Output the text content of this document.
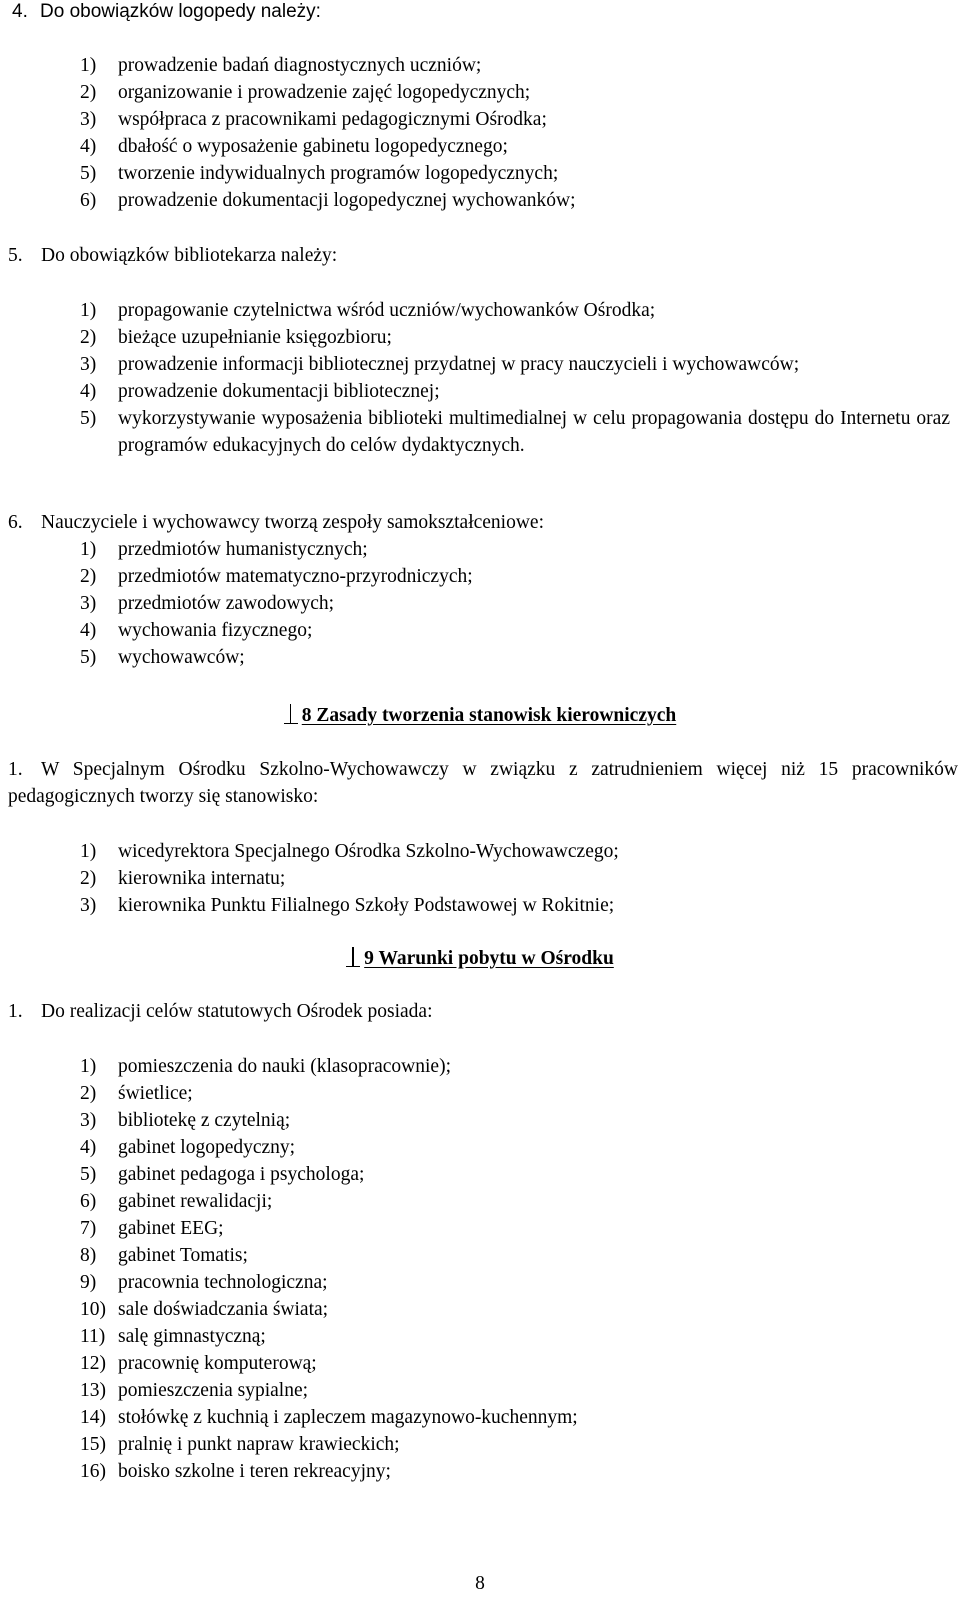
4. Do obowiązków logopedy należy:
1) prowadzenie badań diagnostycznych uczniów;
2) organizowanie i prowadzenie zajęć logopedycznych;
3) współpraca z pracownikami pedagogicznymi Ośrodka;
4) dbałość o wyposażenie gabinetu logopedycznego;
5) tworzenie indywidualnych programów logopedycznych;
6) prowadzenie dokumentacji logopedycznej wychowanków;
5. Do obowiązków bibliotekarza należy:
1) propagowanie czytelnictwa wśród uczniów/wychowanków Ośrodka;
2) bieżące uzupełnianie księgozbioru;
3) prowadzenie informacji bibliotecznej przydatnej w pracy nauczycieli i wychowawców;
4) prowadzenie dokumentacji bibliotecznej;
5) wykorzystywanie wyposażenia biblioteki multimedialnej w celu propagowania dostępu do Internetu oraz programów edukacyjnych do celów dydaktycznych.
6. Nauczyciele i wychowawcy tworzą zespoły samokształceniowe:
1) przedmiotów humanistycznych;
2) przedmiotów matematyczno-przyrodniczych;
3) przedmiotów zawodowych;
4) wychowania fizycznego;
5) wychowawców;
8 Zasady tworzenia stanowisk kierowniczych
1. W Specjalnym Ośrodku Szkolno-Wychowawczy w związku z zatrudnieniem więcej niż 15 pracowników pedagogicznych tworzy się stanowisko:
1) wicedyrektora Specjalnego Ośrodka Szkolno-Wychowawczego;
2) kierownika internatu;
3) kierownika Punktu Filialnego Szkoły Podstawowej w Rokitnie;
9 Warunki pobytu w Ośrodku
1. Do realizacji celów statutowych Ośrodek posiada:
1) pomieszczenia do nauki (klasopracownie);
2) świetlice;
3) bibliotekę z czytelnią;
4) gabinet logopedyczny;
5) gabinet pedagoga i psychologa;
6) gabinet rewalidacji;
7) gabinet EEG;
8) gabinet Tomatis;
9) pracownia technologiczna;
10) sale doświadczania świata;
11) salę gimnastyczną;
12) pracownię komputerową;
13) pomieszczenia sypialne;
14) stołówkę z kuchnią i zapleczem magazynowo-kuchennym;
15) pralnię i punkt napraw krawieckich;
16) boisko szkolne i teren rekreacyjny;
8
